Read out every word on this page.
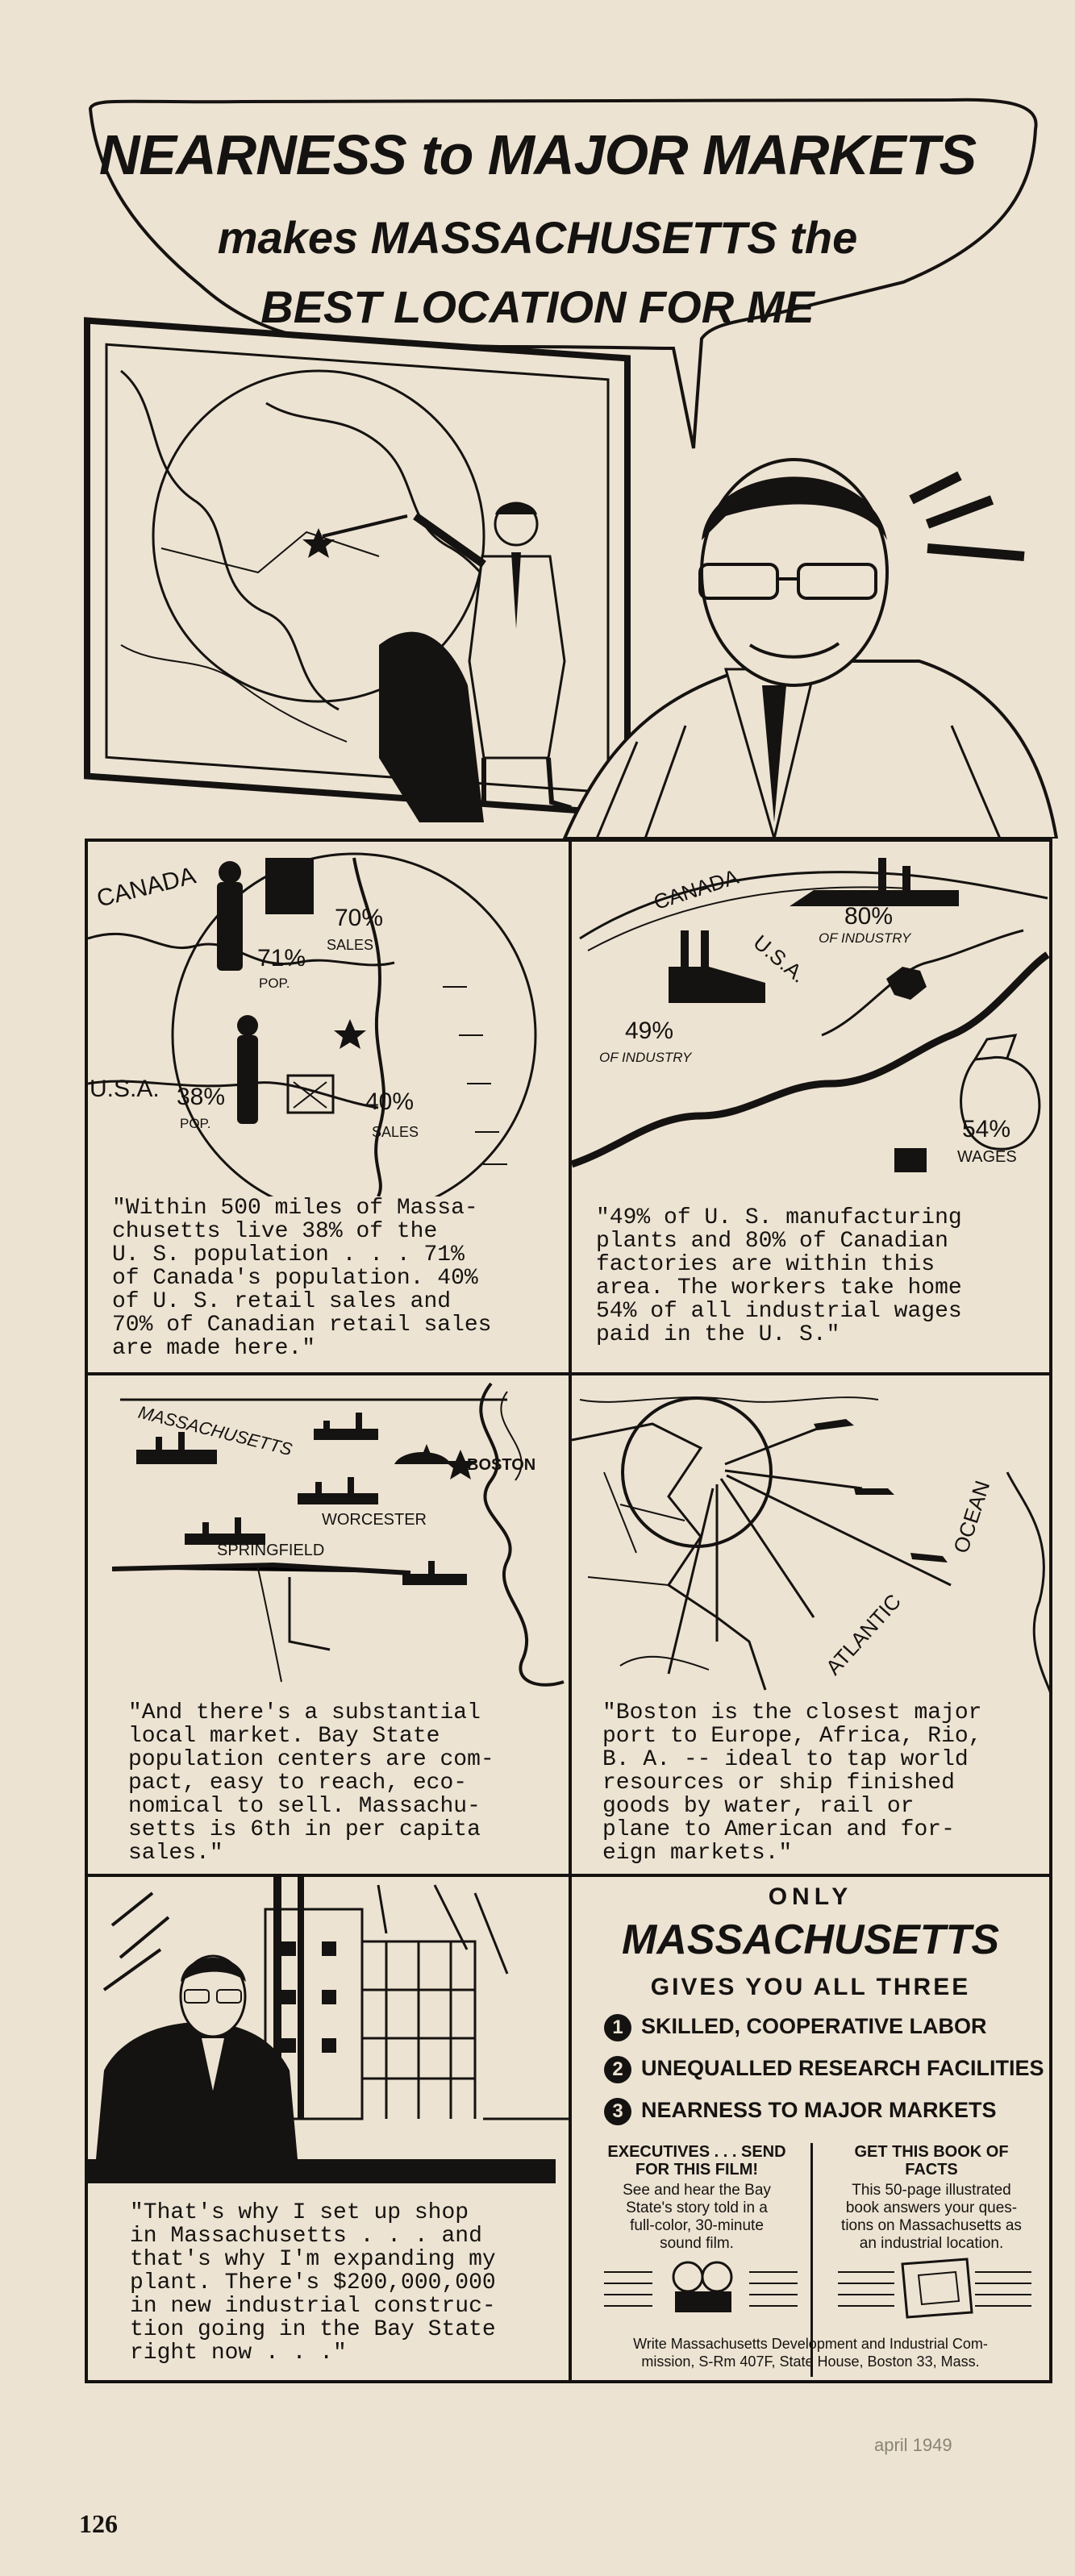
NEARNESS to MAJOR MARKETS
makes MASSACHUSETTS the
BEST LOCATION FOR ME
CANADA
U.S.A.
71%
POP.
70%
SALES
38%
POP.
40%
SALES
"Within 500 miles of Massa-
chusetts live 38% of the
U. S. population . . . 71%
of Canada's population. 40%
of U. S. retail sales and
70% of Canadian retail sales
are made here."
CANADA
U.S.A.
80%
OF INDUSTRY
49%
OF INDUSTRY
54%
WAGES
"49% of U. S. manufacturing
plants and 80% of Canadian
factories are within this
area. The workers take home
54% of all industrial wages
paid in the U. S."
MASSACHUSETTS
BOSTON
WORCESTER
SPRINGFIELD
"And there's a substantial
local market. Bay State
population centers are com-
pact, easy to reach, eco-
nomical to sell. Massachu-
setts is 6th in per capita
sales."
OCEAN
ATLANTIC
"Boston is the closest major
port to Europe, Africa, Rio,
B. A. -- ideal to tap world
resources or ship finished
goods by water, rail or
plane to American and for-
eign markets."
"That's why I set up shop
in Massachusetts . . . and
that's why I'm expanding my
plant. There's $200,000,000
in new industrial construc-
tion going in the Bay State
right now . . ."
ONLY
MASSACHUSETTS
GIVES YOU ALL THREE
1 SKILLED, COOPERATIVE LABOR
2 UNEQUALLED RESEARCH FACILITIES
3 NEARNESS TO MAJOR MARKETS
EXECUTIVES . . . SEND
FOR THIS FILM!
See and hear the Bay
State's story told in a
full-color, 30-minute
sound film.
GET THIS BOOK OF
FACTS
This 50-page illustrated
book answers your ques-
tions on Massachusetts as
an industrial location.
Write Massachusetts Development and Industrial Com-
mission, S-Rm 407F, State House, Boston 33, Mass.
april 1949
126
